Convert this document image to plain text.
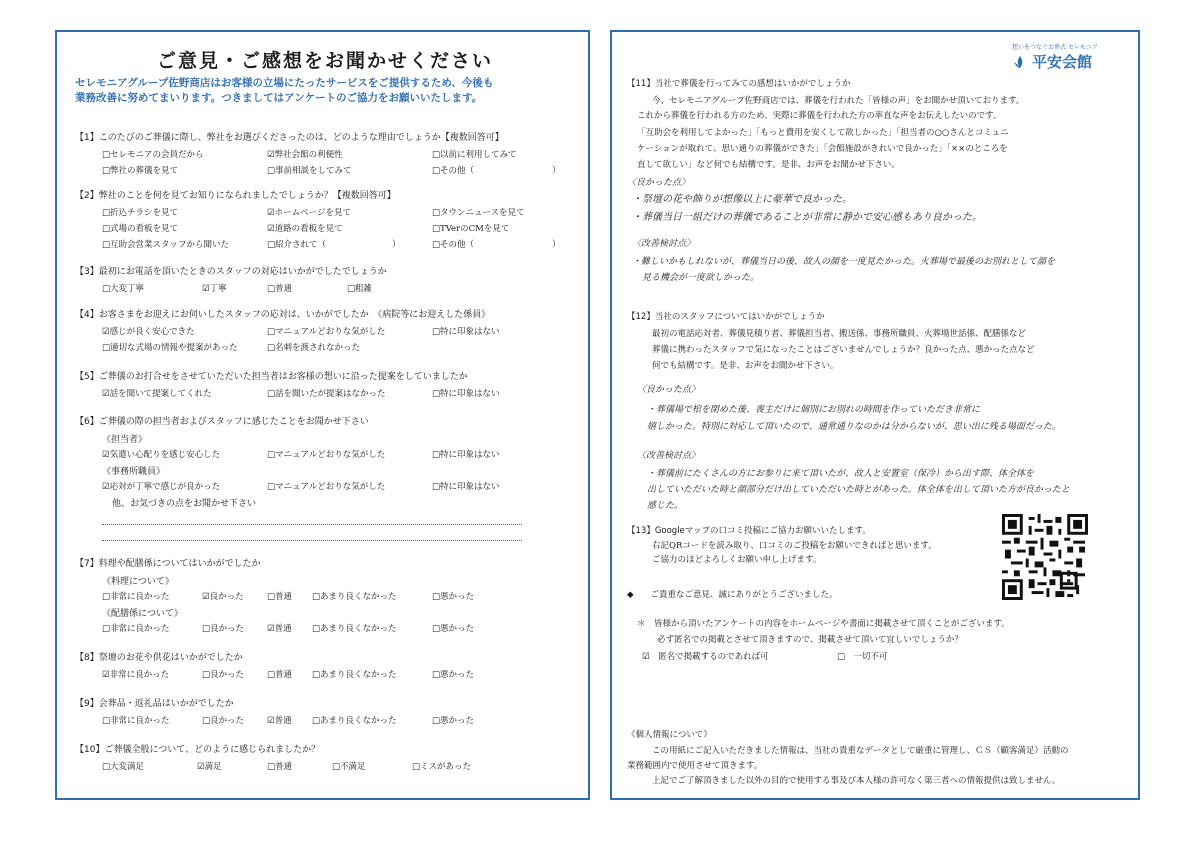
ご意見・ご感想をお聞かせください
セレモニアグループ佐野商店はお客様の立場にたったサービスをご提供するため、今後も
業務改善に努めてまいります。つきましてはアンケートのご協力をお願いいたします。
【1】このたびのご葬儀に際し、弊社をお選びくださったのは、どのような理由でしょうか【複数回答可】
□セレモニアの会員だから	☑弊社会館の利便性	□以前に利用してみて
□弊社の葬儀を見て	□事前相談をしてみて	□その他（	）
【2】弊社のことを何を見てお知りになられましたでしょうか？【複数回答可】
□折込チラシを見て	☑ホームページを見て	□タウンニュースを見て
□式場の看板を見て	☑道路の看板を見て	□TVerのCMを見て
□互助会営業スタッフから聞いた	□紹介されて（	）	□その他（	）
【3】最初にお電話を頂いたときのスタッフの対応はいかがでしたでしょうか
□大変丁寧	☑丁寧	□普通	□粗雑
【4】お客さまをお迎えにお伺いしたスタッフの応対は、いかがでしたか　《病院等にお迎えした係員》
☑感じが良く安心できた	□マニュアルどおりな気がした	□特に印象はない
□適切な式場の情報や提案があった	□名刺を渡されなかった
【5】ご葬儀のお打合せをさせていただいた担当者はお客様の想いに沿った提案をしていましたか
☑話を聞いて提案してくれた	□話を聞いたが提案はなかった	□特に印象はない
【6】ご葬儀の際の担当者およびスタッフに感じたことをお聞かせ下さい
《担当者》
☑気遣い心配りを感じ安心した	□マニュアルどおりな気がした	□特に印象はない
《事務所職員》
☑応対が丁寧で感じが良かった	□マニュアルどおりな気がした	□特に印象はない
他、お気づきの点をお聞かせ下さい
【7】料理や配膳係についてはいかがでしたか
《料理について》
□非常に良かった	☑良かった	□普通 □あまり良くなかった	□悪かった
《配膳係について》
□非常に良かった	□良かった	☑普通 □あまり良くなかった	□悪かった
【8】祭壇のお花や供花はいかがでしたか
☑非常に良かった	□良かった	□普通 □あまり良くなかった	□悪かった
【9】会葬品・返礼品はいかがでしたか
□非常に良かった	□良かった	☑普通 □あまり良くなかった	□悪かった
【10】ご葬儀全般について、どのように感じられましたか？
□大変満足	☑満足	□普通	□不満足	□ミスがあった
想いをつなぐお葬式 セレモニア
平安会館
【11】当社で葬儀を行ってみての感想はいかがでしょうか
今、セレモニアグループ佐野商店では、葬儀を行われた「皆様の声」をお聞かせ頂いております。
これから葬儀を行われる方のため、実際に葬儀を行われた方の率直な声をお伝えしたいのです。
「互助会を利用してよかった」「もっと費用を安くして欲しかった」「担当者の○○さんとコミュニ
ケーションが取れて、思い通りの葬儀ができた」「会館施設がきれいで良かった」「××のところを
直して欲しい」など何でも結構です。是非、お声をお聞かせ下さい。
〈良かった点〉
・祭壇の花や飾りが想像以上に豪華で良かった。
・葬儀当日一組だけの葬儀であることが非常に静かで安心感もあり良かった。
〈改善検討点〉
・難しいかもしれないが、葬儀当日の後、故人の顔を一度見たかった。火葬場で最後のお別れとして顔を
見る機会が一度欲しかった。
【12】当社のスタッフについてはいかがでしょうか
最初の電話応対者、葬儀見積り者、葬儀担当者、搬送係、事務所職員、火葬場世話係、配膳係など
葬儀に携わったスタッフで気になったことはございませんでしょうか？良かった点、悪かった点など
何でも結構です。是非、お声をお聞かせ下さい。
〈良かった点〉
・葬儀場で棺を閉めた後、喪主だけに個別にお別れの時間を作っていただき非常に
嬉しかった。特別に対応して頂いたので、通常通りなのかは分からないが、思い出に残る場面だった。
〈改善検討点〉
・葬儀前にたくさんの方にお参りに来て頂いたが、故人と安置室（保冷）から出す際、体全体を
出していただいた時と顔部分だけ出していただいた時とがあった。体全体を出して頂いた方が良かったと
感じた。
【13】Googleマップの口コミ投稿にご協力お願いいたします。
右記QRコードを読み取り、口コミのご投稿をお願いできればと思います。
ご協力のほどよろしくお願い申し上げます。
◆　　ご貴重なご意見、誠にありがとうございました。
＊　皆様から頂いたアンケートの内容をホームページや書面に掲載させて頂くことがございます。
必ず匿名での掲載とさせて頂きますので、掲載させて頂いて宜しいでしょうか？
☑　匿名で掲載するのであれば可	□　一切不可
《個人情報について》
この用紙にご記入いただきました情報は、当社の貴重なデータとして厳重に管理し、ＣＳ（顧客満足）活動の
業務範囲内で使用させて頂きます。
上記でご了解頂きました以外の目的で使用する事及び本人様の許可なく第三者への情報提供は致しません。
